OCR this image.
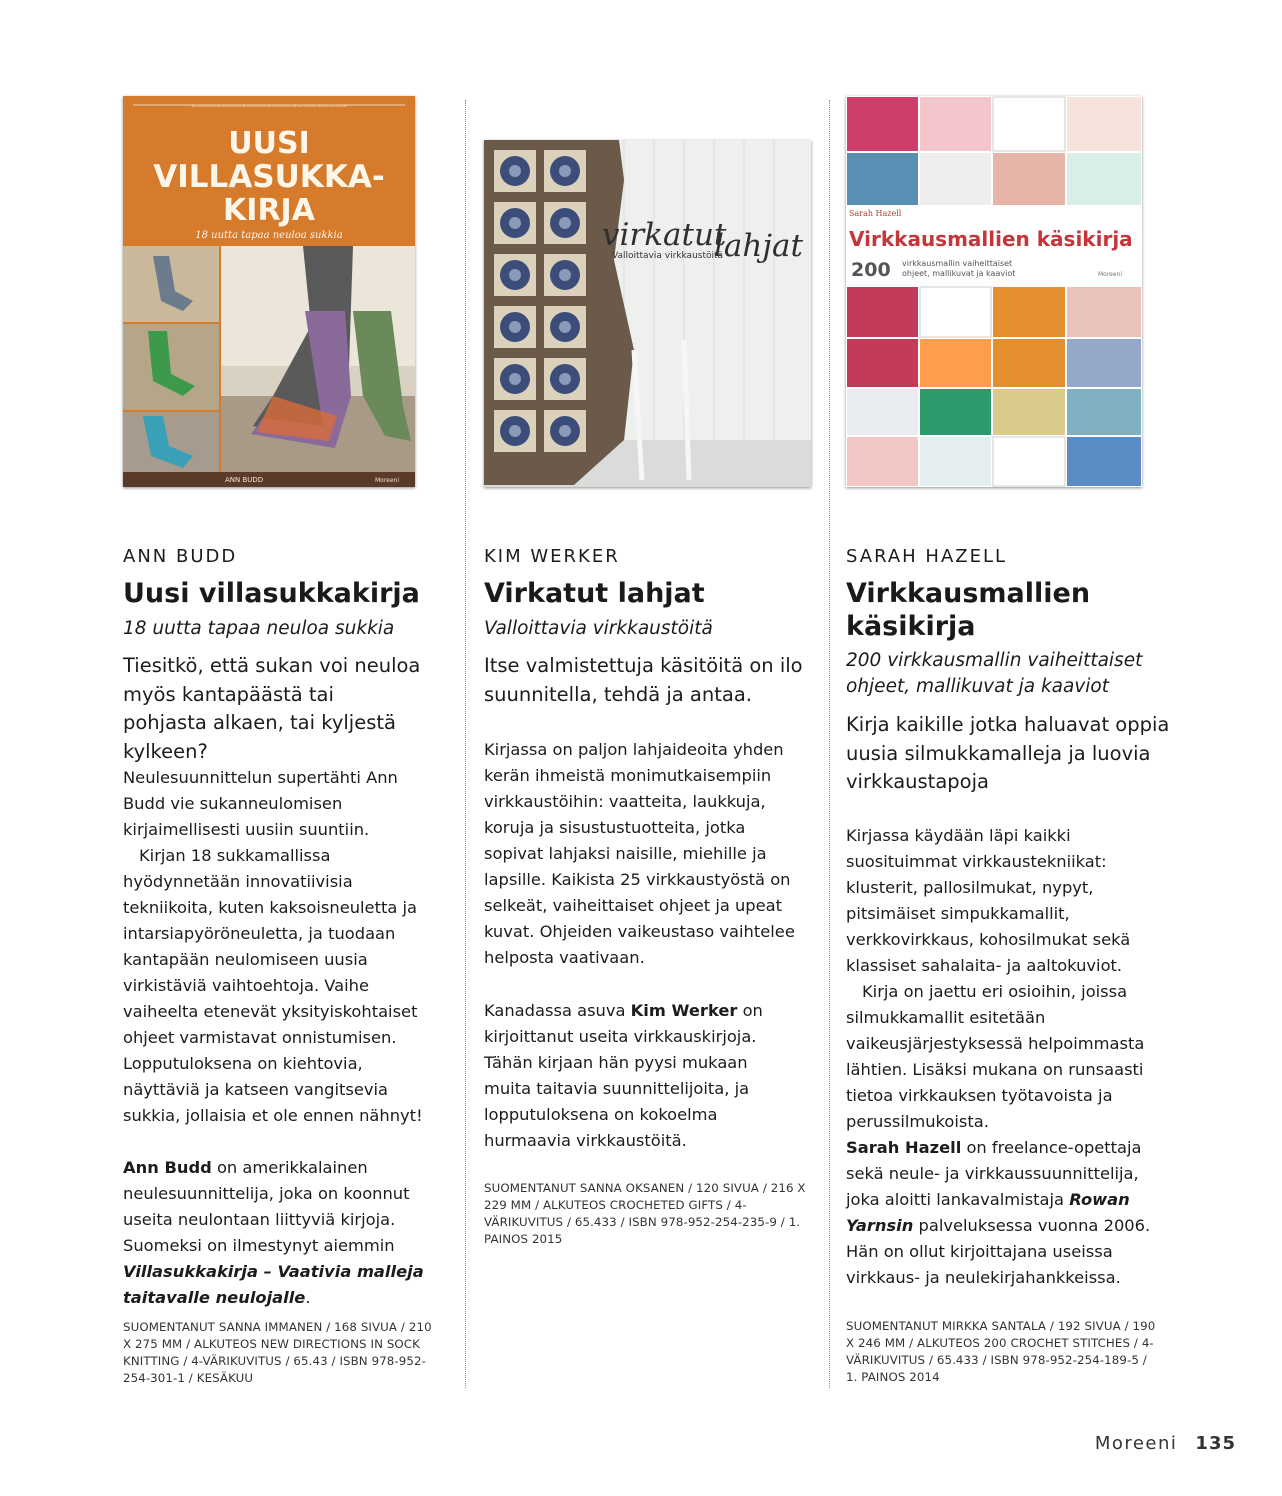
»———»———»———»———»———»———»
UUSI
VILLASUKKA-
KIRJA
18 uutta tapaa neuloa sukkia
ANN BUDD	Moreeni
ANN BUDD
Uusi villasukkakirja
18 uutta tapaa neuloa sukkia
Tiesitkö, että sukan voi neuloa myös kantapäästä tai pohjasta alkaen, tai kyljestä kylkeen?

Neulesuunnittelun supertähti Ann Budd vie sukanneulomisen kirjaimellisesti uusiin suuntiin.

Kirjan 18 sukkamallissa hyödynnetään innovatiivisia tekniikoita, kuten kaksoisneuletta ja intarsiapyöröneuletta, ja tuodaan kantapään neulomiseen uusia virkistäviä vaihtoehtoja. Vaihe vaiheelta etenevät yksityiskohtaiset ohjeet varmistavat onnistumisen. Lopputuloksena on kiehtovia, näyttäviä ja katseen vangitsevia sukkia, jollaisia et ole ennen nähnyt!

Ann Budd on amerikkalainen neulesuunnittelija, joka on koonnut useita neulontaan liittyviä kirjoja. Suomeksi on ilmestynyt aiemmin Villasukkakirja – Vaativia malleja taitavalle neulojalle.
SUOMENTANUT SANNA IMMANEN / 168 SIVUA / 210 X 275 MM / ALKUTEOS NEW DIRECTIONS IN SOCK KNITTING / 4-VÄRIKUVITUS / 65.43 / ISBN 978-952-254-301-1 / KESÄKUU
virkatut
lahjat
Valloittavia virkkaustöitä
KIM WERKER
Virkatut lahjat
Valloittavia virkkaustöitä
Itse valmistettuja käsitöitä on ilo suunnitella, tehdä ja antaa.

Kirjassa on paljon lahjaideoita yhden kerän ihmeistä monimutkaisempiin virkkaustöihin: vaatteita, laukkuja, koruja ja sisustustuotteita, jotka sopivat lahjaksi naisille, miehille ja lapsille. Kaikista 25 virkkaustyöstä on selkeät, vaiheittaiset ohjeet ja upeat kuvat. Ohjeiden vaikeustaso vaihtelee helposta vaativaan.

Kanadassa asuva Kim Werker on kirjoittanut useita virkkauskirjoja. Tähän kirjaan hän pyysi mukaan muita taitavia suunnittelijoita, ja lopputuloksena on kokoelma hurmaavia virkkaustöitä.
SUOMENTANUT SANNA OKSANEN / 120 SIVUA / 216 X 229 MM / ALKUTEOS CROCHETED GIFTS / 4-VÄRIKUVITUS / 65.433 / ISBN 978-952-254-235-9 / 1. PAINOS 2015
Sarah Hazell
Virkkausmallien käsikirja
200 virkkausmallin vaiheittaiset
ohjeet, mallikuvat ja kaaviot	Moreeni
SARAH HAZELL
Virkkausmallien käsikirja
200 virkkausmallin vaiheittaiset ohjeet, mallikuvat ja kaaviot
Kirja kaikille jotka haluavat oppia uusia silmukkamalleja ja luovia virkkaustapoja

Kirjassa käydään läpi kaikki suosituimmat virkkaustekniikat: klusterit, pallosilmukat, nypyt, pitsimäiset simpukkamallit, verkkovirkkaus, kohosilmukat sekä klassiset sahalaita- ja aaltokuviot.

Kirja on jaettu eri osioihin, joissa silmukkamallit esitetään vaikeusjärjestyksessä helpoimmasta lähtien. Lisäksi mukana on runsaasti tietoa virkkauksen työtavoista ja perussilmukoista.

Sarah Hazell on freelance-opettaja sekä neule- ja virkkaussuunnittelija, joka aloitti lankavalmistaja Rowan Yarnsin palveluksessa vuonna 2006. Hän on ollut kirjoittajana useissa virkkaus- ja neulekirjahankkeissa.
SUOMENTANUT MIRKKA SANTALA / 192 SIVUA / 190 X 246 MM / ALKUTEOS 200 CROCHET STITCHES / 4-VÄRIKUVITUS / 65.433 / ISBN 978-952-254-189-5 / 1. PAINOS 2014
Moreeni 135
